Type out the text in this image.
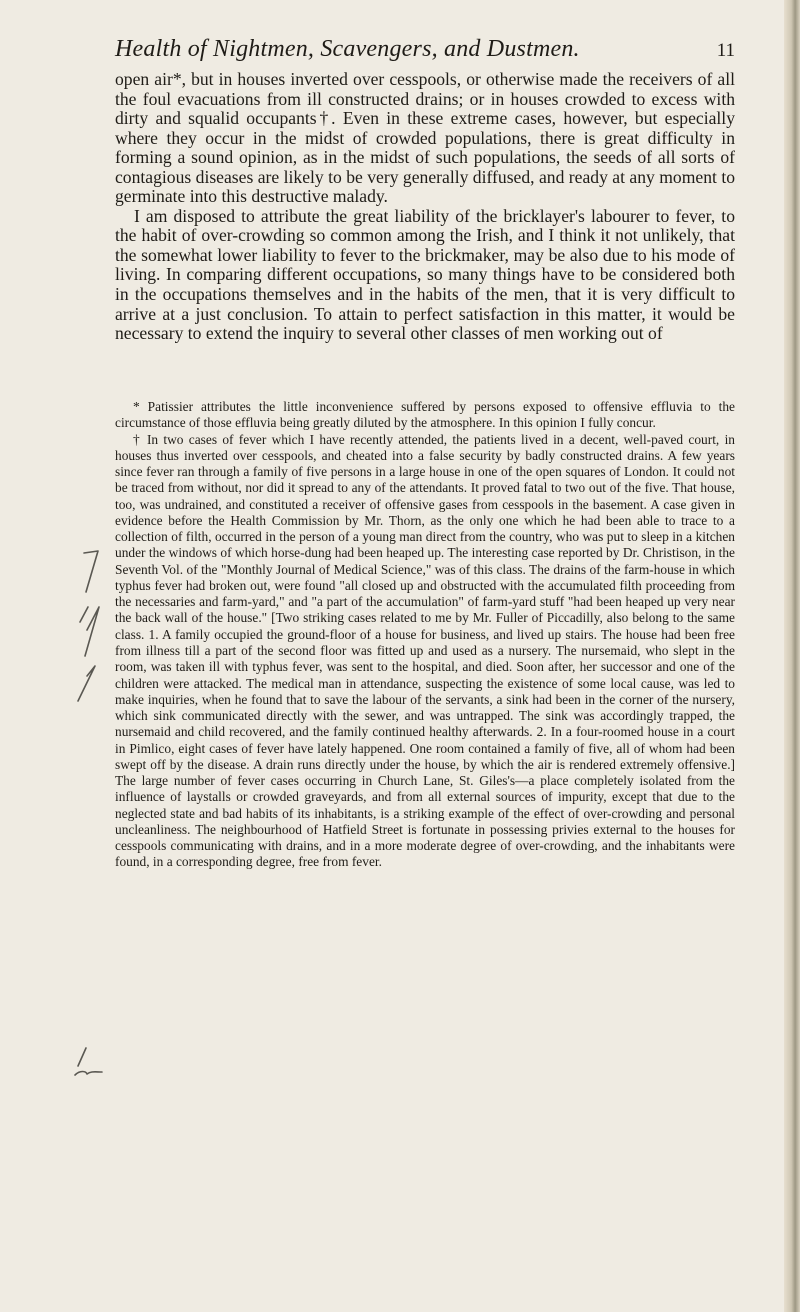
Health of Nightmen, Scavengers, and Dustmen.	11

open air*, but in houses inverted over cesspools, or otherwise made the receivers of all the foul evacuations from ill constructed drains; or in houses crowded to excess with dirty and squalid occupants†. Even in these extreme cases, however, but especially where they occur in the midst of crowded populations, there is great difficulty in forming a sound opinion, as in the midst of such populations, the seeds of all sorts of contagious diseases are likely to be very generally diffused, and ready at any moment to germinate into this destructive malady.

I am disposed to attribute the great liability of the bricklayer's labourer to fever, to the habit of over-crowding so common among the Irish, and I think it not unlikely, that the somewhat lower liability to fever to the brickmaker, may be also due to his mode of living. In comparing different occupations, so many things have to be considered both in the occupations themselves and in the habits of the men, that it is very difficult to arrive at a just conclusion. To attain to perfect satisfaction in this matter, it would be necessary to extend the inquiry to several other classes of men working out of

* Patissier attributes the little inconvenience suffered by persons exposed to offensive effluvia to the circumstance of those effluvia being greatly diluted by the atmosphere. In this opinion I fully concur.

† In two cases of fever which I have recently attended, the patients lived in a decent, well-paved court, in houses thus inverted over cesspools, and cheated into a false security by badly constructed drains. A few years since fever ran through a family of five persons in a large house in one of the open squares of London. It could not be traced from without, nor did it spread to any of the attendants. It proved fatal to two out of the five. That house, too, was undrained, and constituted a receiver of offensive gases from cesspools in the basement. A case given in evidence before the Health Commission by Mr. Thorn, as the only one which he had been able to trace to a collection of filth, occurred in the person of a young man direct from the country, who was put to sleep in a kitchen under the windows of which horse-dung had been heaped up. The interesting case reported by Dr. Christison, in the Seventh Vol. of the "Monthly Journal of Medical Science," was of this class. The drains of the farm-house in which typhus fever had broken out, were found "all closed up and obstructed with the accumulated filth proceeding from the necessaries and farm-yard," and "a part of the accumulation" of farm-yard stuff "had been heaped up very near the back wall of the house." [Two striking cases related to me by Mr. Fuller of Piccadilly, also belong to the same class. 1. A family occupied the ground-floor of a house for business, and lived up stairs. The house had been free from illness till a part of the second floor was fitted up and used as a nursery. The nursemaid, who slept in the room, was taken ill with typhus fever, was sent to the hospital, and died. Soon after, her successor and one of the children were attacked. The medical man in attendance, suspecting the existence of some local cause, was led to make inquiries, when he found that to save the labour of the servants, a sink had been in the corner of the nursery, which sink communicated directly with the sewer, and was untrapped. The sink was accordingly trapped, the nursemaid and child recovered, and the family continued healthy afterwards. 2. In a four-roomed house in a court in Pimlico, eight cases of fever have lately happened. One room contained a family of five, all of whom had been swept off by the disease. A drain runs directly under the house, by which the air is rendered extremely offensive.] The large number of fever cases occurring in Church Lane, St. Giles's—a place completely isolated from the influence of laystalls or crowded graveyards, and from all external sources of impurity, except that due to the neglected state and bad habits of its inhabitants, is a striking example of the effect of over-crowding and personal uncleanliness. The neighbourhood of Hatfield Street is fortunate in possessing privies external to the houses for cesspools communicating with drains, and in a more moderate degree of over-crowding, and the inhabitants were found, in a corresponding degree, free from fever.
